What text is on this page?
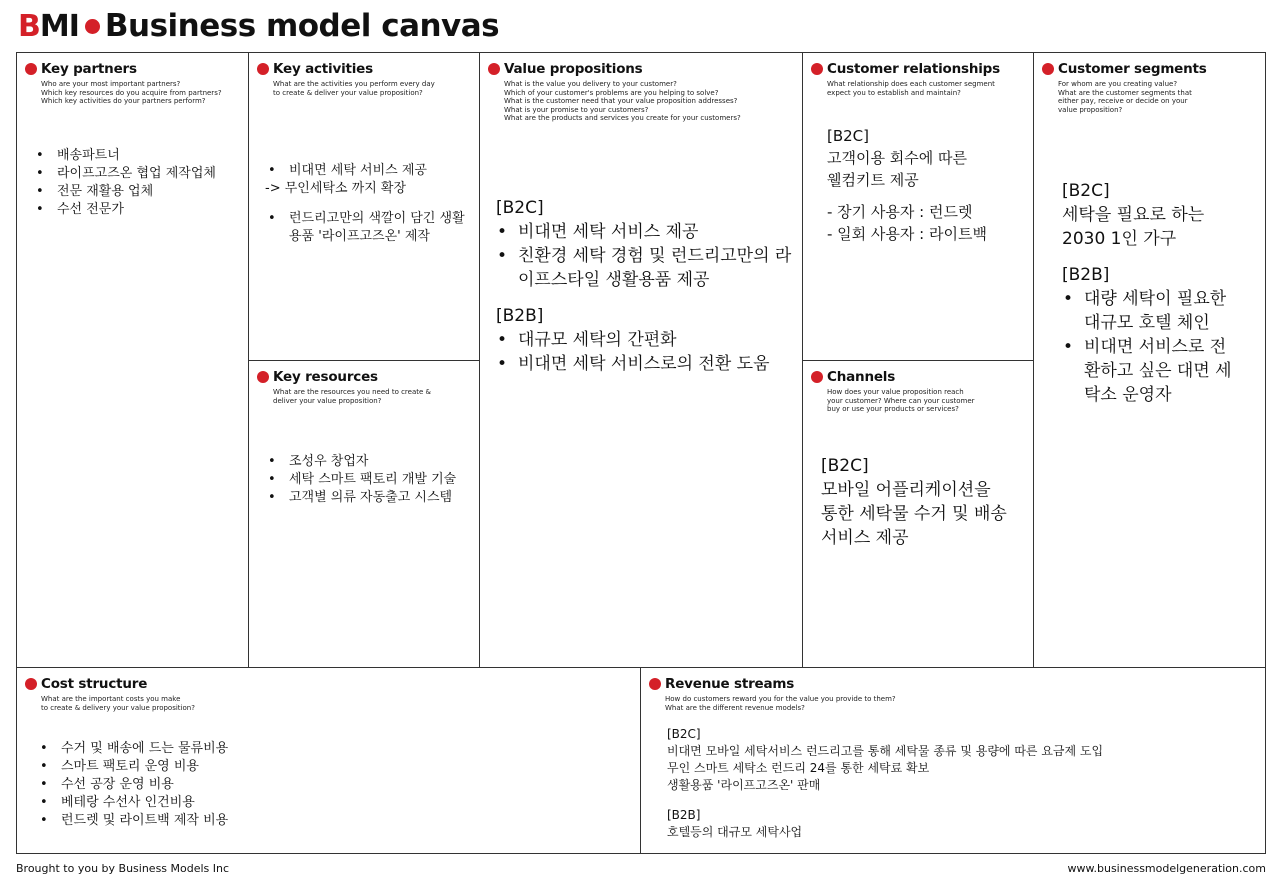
B MI Business model canvas
Key partners
Who are your most important partners?
Which key resources do you acquire from partners?
Which key activities do your partners perform?
• 배송파트너
• 라이프고즈온 협업 제작업체
• 전문 재활용 업체
• 수선 전문가
Key activities
What are the activities you perform every day
to create & deliver your value proposition?
• 비대면 세탁 서비스 제공
-> 무인세탁소 까지 확장
• 런드리고만의 색깔이 담긴 생활용품 '라이프고즈온' 제작
Key resources
What are the resources you need to create &
deliver your value proposition?
• 조성우 창업자
• 세탁 스마트 팩토리 개발 기술
• 고객별 의류 자동출고 시스템
Value propositions
What is the value you delivery to your customer?
Which of your customer's problems are you helping to solve?
What is the customer need that your value proposition addresses?
What is your promise to your customers?
What are the products and services you create for your customers?
[B2C]
• 비대면 세탁 서비스 제공
• 친환경 세탁 경험 및 런드리고만의 라이프스타일 생활용품 제공
[B2B]
• 대규모 세탁의 간편화
• 비대면 세탁 서비스로의 전환 도움
Customer relationships
What relationship does each customer segment
expect you to establish and maintain?
[B2C]
고객이용 회수에 따른
웰컴키트 제공
- 장기 사용자 : 런드렛
- 일회 사용자 : 라이트백
Channels
How does your value proposition reach
your customer? Where can your customer
buy or use your products or services?
[B2C]
모바일 어플리케이션을
통한 세탁물 수거 및 배송
서비스 제공
Customer segments
For whom are you creating value?
What are the customer segments that
either pay, receive or decide on your
value proposition?
[B2C]
세탁을 필요로 하는
2030 1인 가구
[B2B]
• 대량 세탁이 필요한 대규모 호텔 체인
• 비대면 서비스로 전환하고 싶은 대면 세탁소 운영자
Cost structure
What are the important costs you make
to create & delivery your value proposition?
• 수거 및 배송에 드는 물류비용
• 스마트 팩토리 운영 비용
• 수선 공장 운영 비용
• 베테랑 수선사 인건비용
• 런드렛 및 라이트백 제작 비용
Revenue streams
How do customers reward you for the value you provide to them?
What are the different revenue models?
[B2C]
비대면 모바일 세탁서비스 런드리고를 통해 세탁물 종류 및 용량에 따른 요금제 도입
무인 스마트 세탁소 런드리 24를 통한 세탁료 확보
생활용품 '라이프고즈온' 판매
[B2B]
호텔등의 대규모 세탁사업
Brought to you by Business Models Inc	www.businessmodelgeneration.com
